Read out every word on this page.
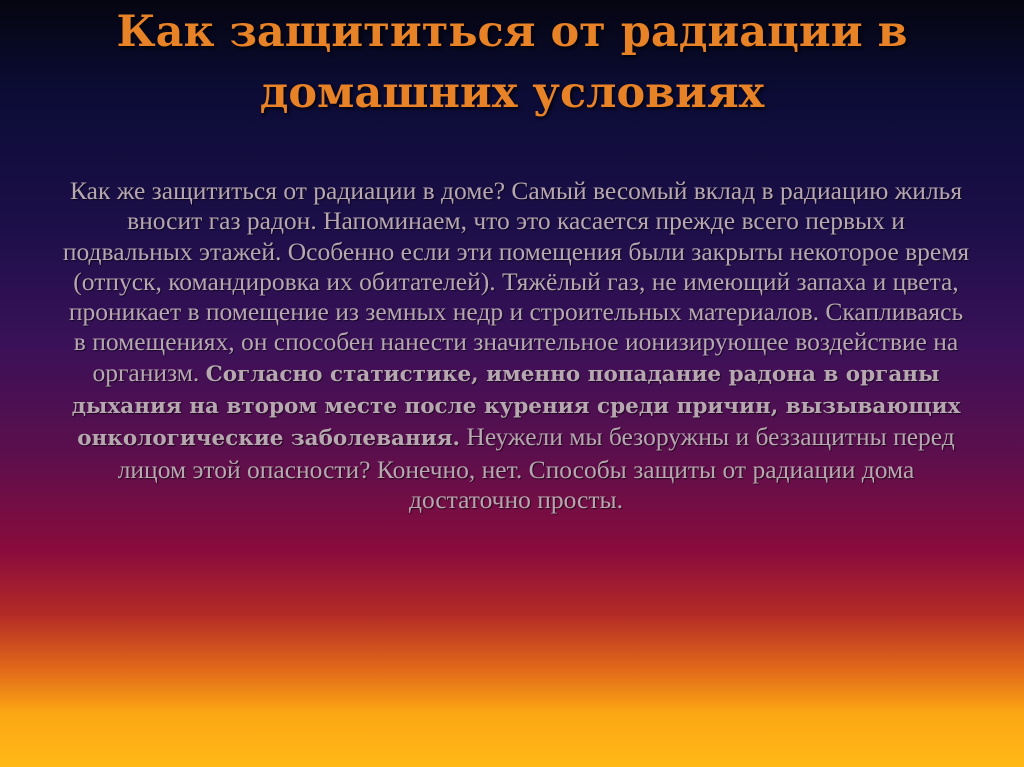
Как защититься от радиации в домашних условиях

Как же защититься от радиации в доме? Самый весомый вклад в радиацию жилья вносит газ радон. Напоминаем, что это касается прежде всего первых и подвальных этажей. Особенно если эти помещения были закрыты некоторое время (отпуск, командировка их обитателей). Тяжёлый газ, не имеющий запаха и цвета, проникает в помещение из земных недр и строительных материалов. Скапливаясь в помещениях, он способен нанести значительное ионизирующее воздействие на организм. Согласно статистике, именно попадание радона в органы дыхания на втором месте после курения среди причин, вызывающих онкологические заболевания. Неужели мы безоружны и беззащитны перед лицом этой опасности? Конечно, нет. Способы защиты от радиации дома достаточно просты.
